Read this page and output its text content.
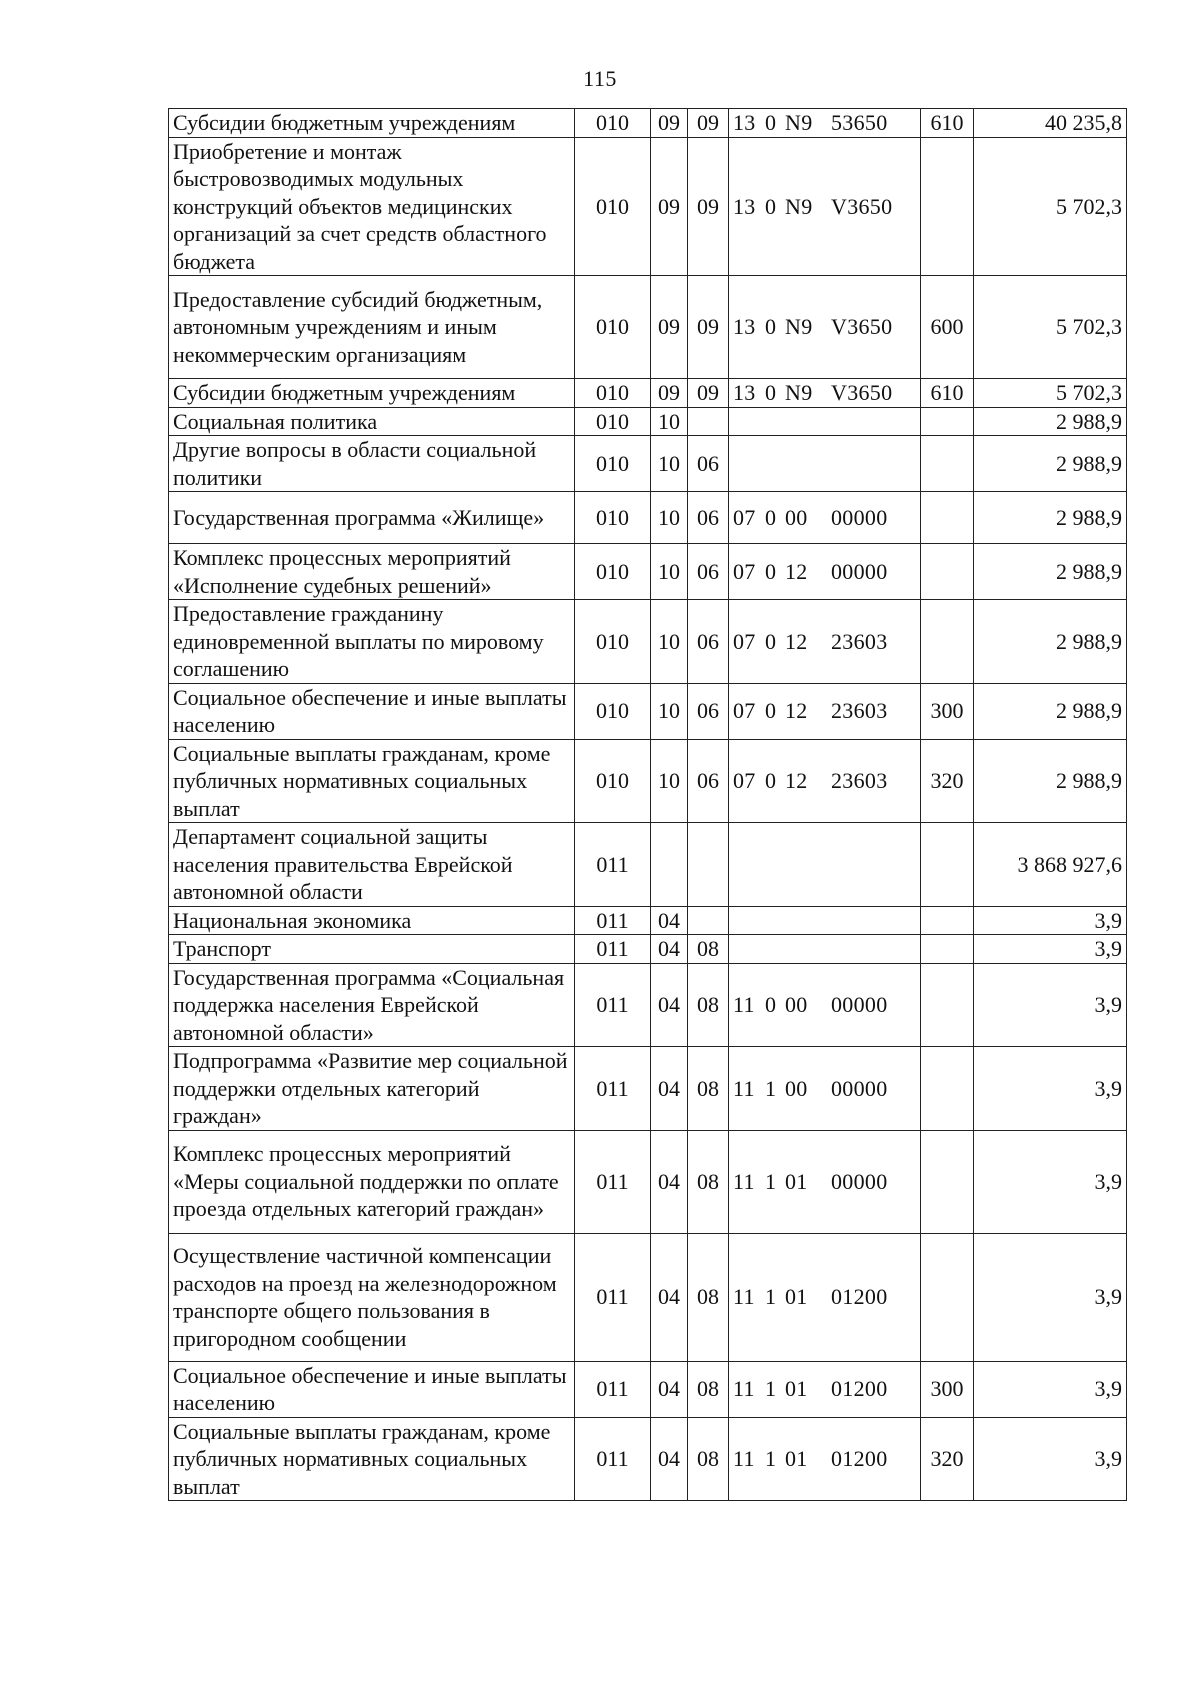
115
Субсидии бюджетным учреждениям	010	09	09	13 0 N9 53650	610	40 235,8
Приобретение и монтаж быстровозводимых модульных конструкций объектов медицинских организаций за счет средств областного бюджета	010	09	09	13 0 N9 V3650		5 702,3
Предоставление субсидий бюджетным, автономным учреждениям и иным некоммерческим организациям	010	09	09	13 0 N9 V3650	600	5 702,3
Субсидии бюджетным учреждениям	010	09	09	13 0 N9 V3650	610	5 702,3
Социальная политика	010	10				2 988,9
Другие вопросы в области социальной политики	010	10	06			2 988,9
Государственная программа «Жилище»	010	10	06	07 0 00 00000		2 988,9
Комплекс процессных мероприятий «Исполнение судебных решений»	010	10	06	07 0 12 00000		2 988,9
Предоставление гражданину единовременной выплаты по мировому соглашению	010	10	06	07 0 12 23603		2 988,9
Социальное обеспечение и иные выплаты населению	010	10	06	07 0 12 23603	300	2 988,9
Социальные выплаты гражданам, кроме публичных нормативных социальных выплат	010	10	06	07 0 12 23603	320	2 988,9
Департамент социальной защиты населения правительства Еврейской автономной области	011					3 868 927,6
Национальная экономика	011	04				3,9
Транспорт	011	04	08			3,9
Государственная программа «Социальная поддержка населения Еврейской автономной области»	011	04	08	11 0 00 00000		3,9
Подпрограмма «Развитие мер социальной поддержки отдельных категорий граждан»	011	04	08	11 1 00 00000		3,9
Комплекс процессных мероприятий «Меры социальной поддержки по оплате проезда отдельных категорий граждан»	011	04	08	11 1 01 00000		3,9
Осуществление частичной компенсации расходов на проезд на железнодорожном транспорте общего пользования в пригородном сообщении	011	04	08	11 1 01 01200		3,9
Социальное обеспечение и иные выплаты населению	011	04	08	11 1 01 01200	300	3,9
Социальные выплаты гражданам, кроме публичных нормативных социальных выплат	011	04	08	11 1 01 01200	320	3,9
